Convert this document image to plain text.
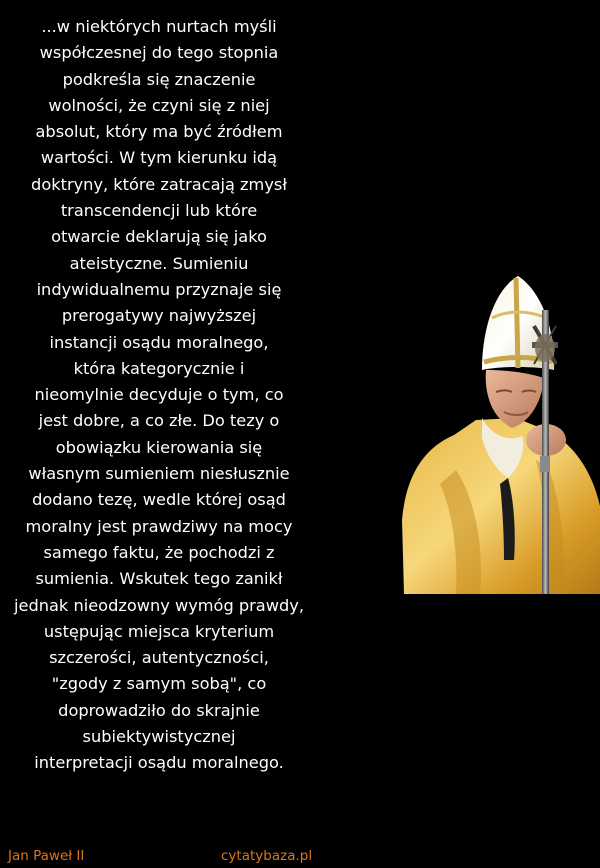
...w niektórych nurtach myśli
współczesnej do tego stopnia
podkreśla się znaczenie
wolności, że czyni się z niej
absolut, który ma być źródłem
wartości. W tym kierunku idą
doktryny, które zatracają zmysł
transcendencji lub które
otwarcie deklarują się jako
ateistyczne. Sumieniu
indywidualnemu przyznaje się
prerogatywy najwyższej
instancji osądu moralnego,
która kategorycznie i
nieomylnie decyduje o tym, co
jest dobre, a co złe. Do tezy o
obowiązku kierowania się
własnym sumieniem niesłusznie
dodano tezę, wedle której osąd
moralny jest prawdziwy na mocy
samego faktu, że pochodzi z
sumienia. Wskutek tego zanikł
jednak nieodzowny wymóg prawdy,
ustępując miejsca kryterium
szczerości, autentyczności,
"zgody z samym sobą", co
doprowadziło do skrajnie
subiektywistycznej
interpretacji osądu moralnego.
Jan Paweł II	cytatybaza.pl
